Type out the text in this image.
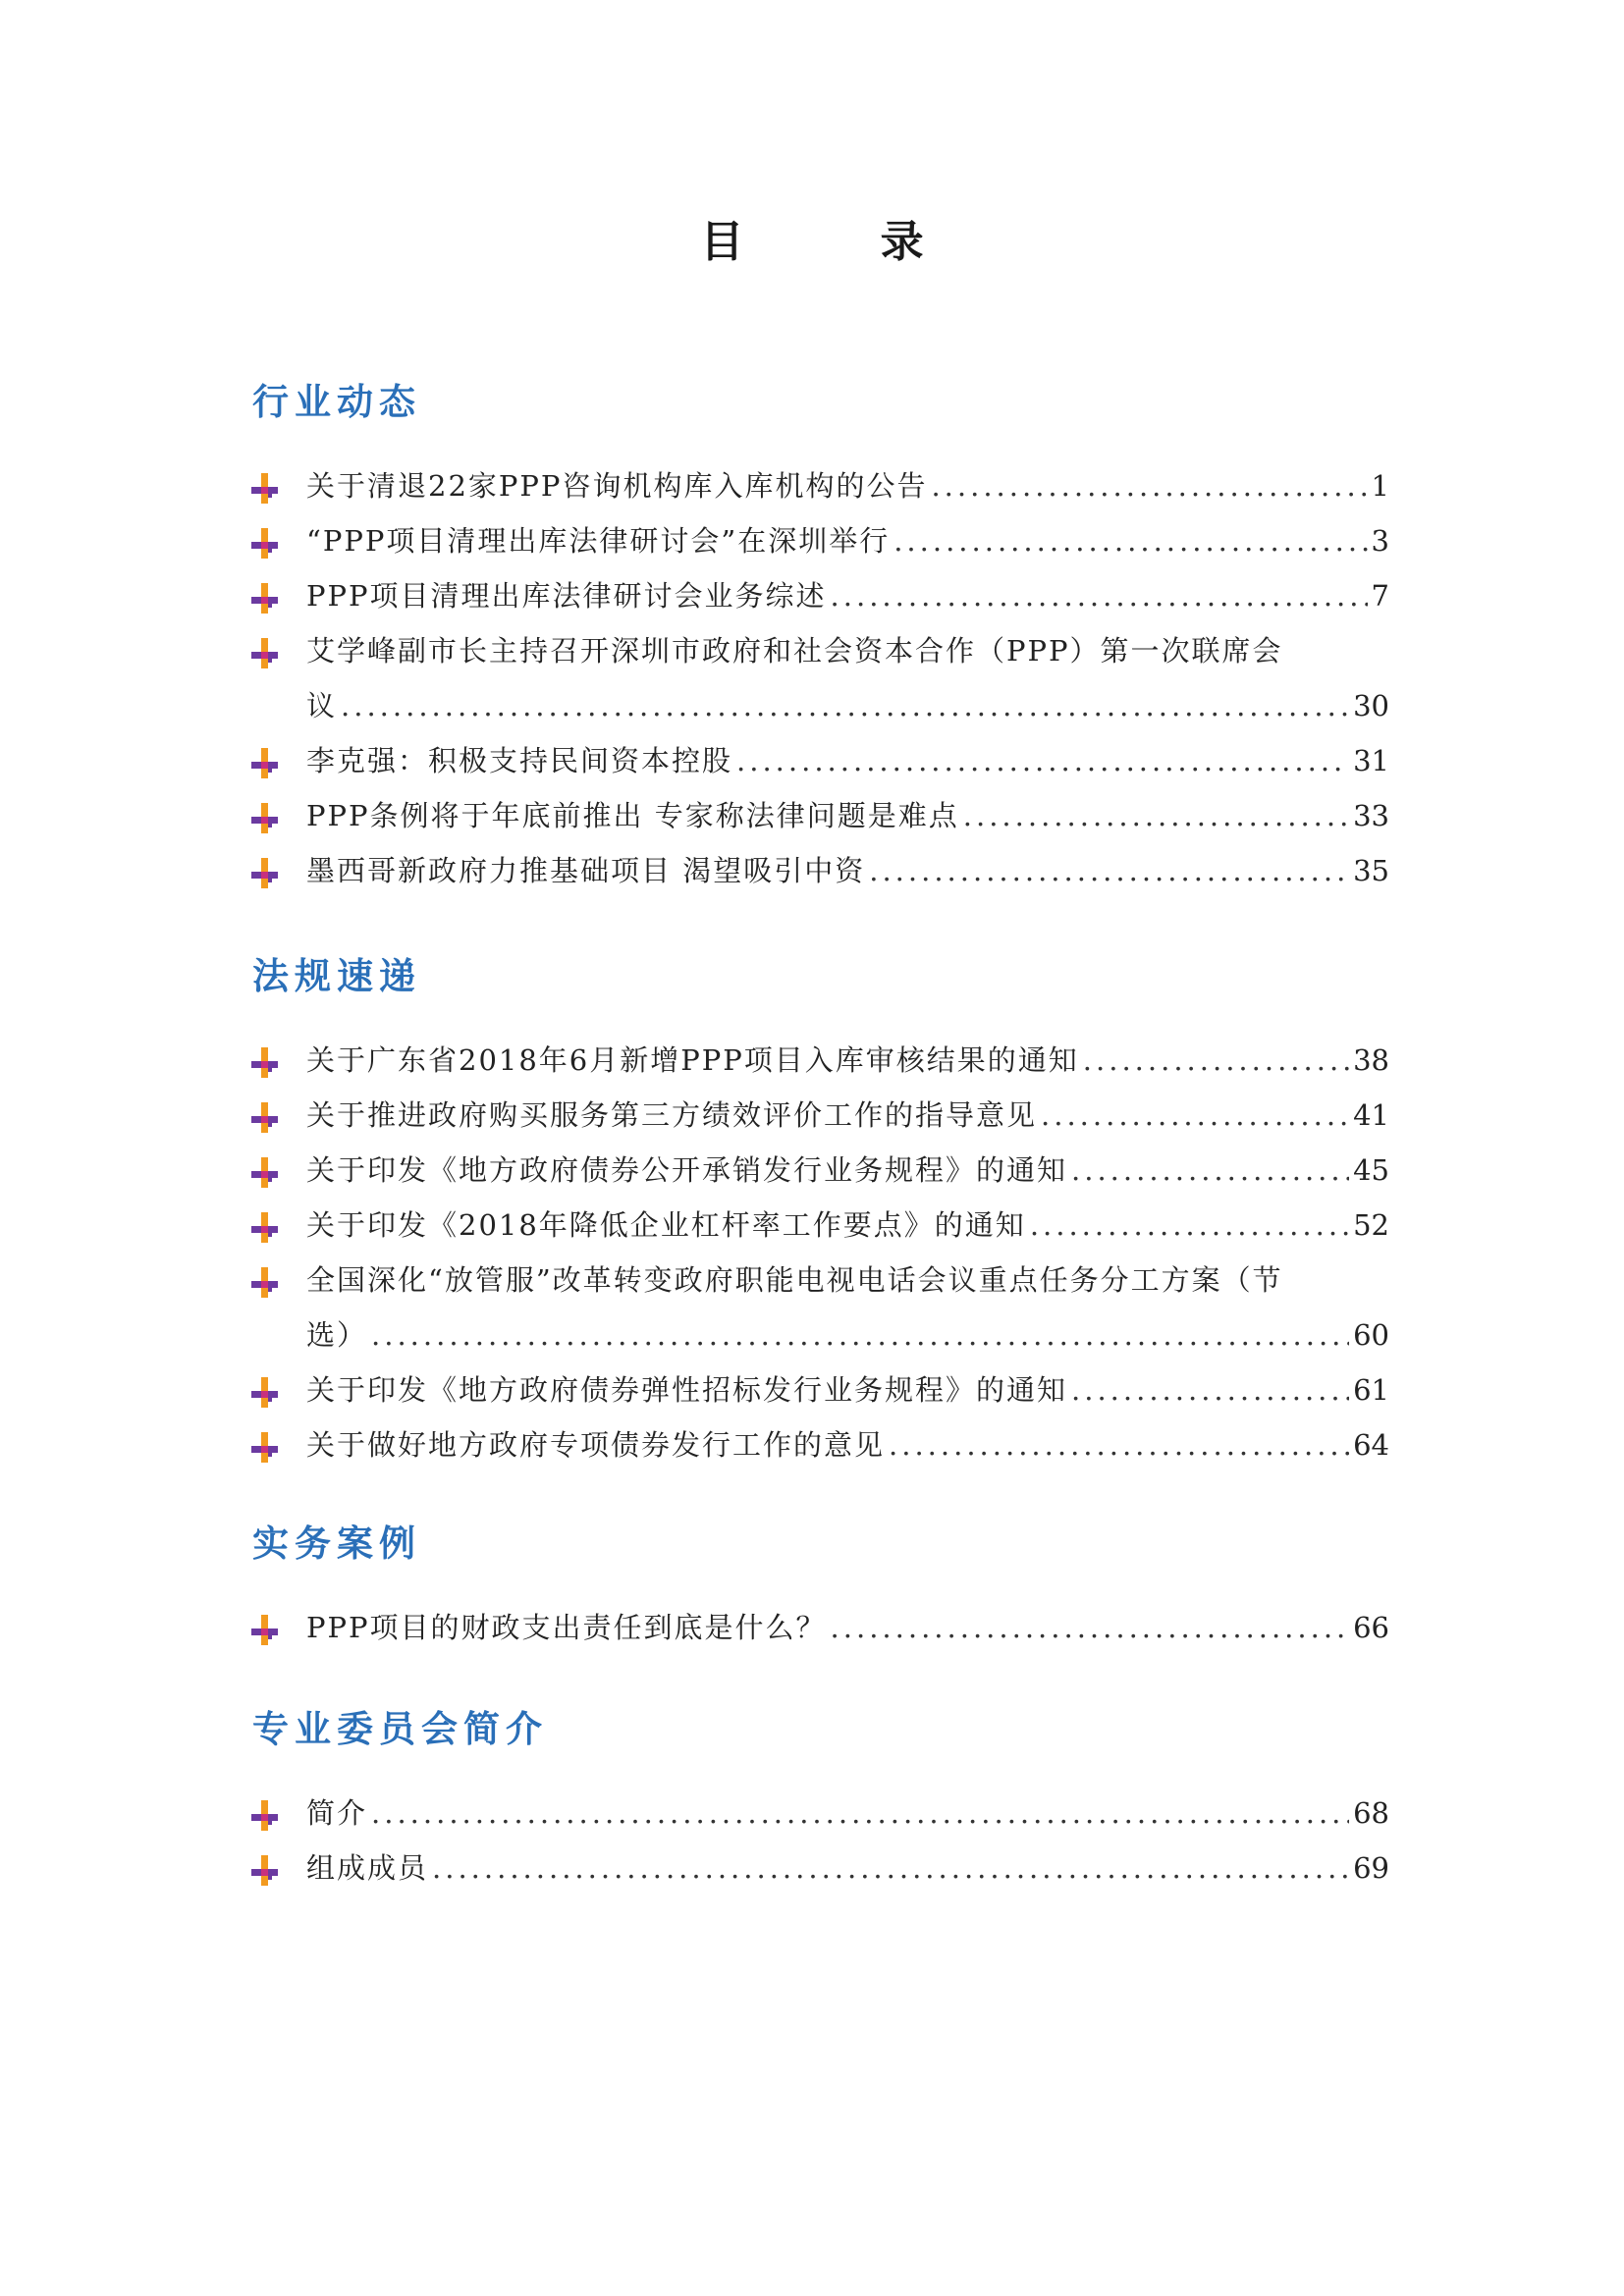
目 录
行业动态
关于清退22家PPP咨询机构库入库机构的公告 .....	1
“PPP项目清理出库法律研讨会”在深圳举行 .....	3
PPP项目清理出库法律研讨会业务综述 .....	7
艾学峰副市长主持召开深圳市政府和社会资本合作（PPP）第一次联席会
议 .....	30
李克强：积极支持民间资本控股 .....	31
PPP条例将于年底前推出 专家称法律问题是难点 .....	33
墨西哥新政府力推基础项目 渴望吸引中资 .....	35
法规速递
关于广东省2018年6月新增PPP项目入库审核结果的通知 .....	38
关于推进政府购买服务第三方绩效评价工作的指导意见 .....	41
关于印发《地方政府债券公开承销发行业务规程》的通知 .....	45
关于印发《2018年降低企业杠杆率工作要点》的通知 .....	52
全国深化“放管服”改革转变政府职能电视电话会议重点任务分工方案（节
选） .....	60
关于印发《地方政府债券弹性招标发行业务规程》的通知 .....	61
关于做好地方政府专项债券发行工作的意见 .....	64
实务案例
PPP项目的财政支出责任到底是什么？ .....	66
专业委员会简介
简介 .....	68
组成成员 .....	69
